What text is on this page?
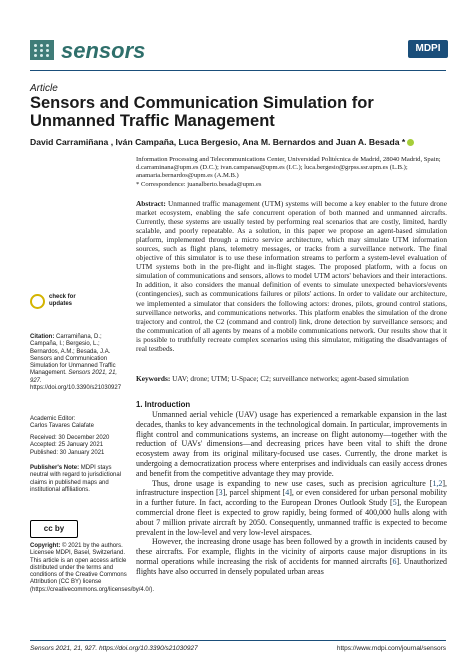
sensors	MDPI
Article
Sensors and Communication Simulation for Unmanned Traffic Management
David Carramiñana , Iván Campaña, Luca Bergesio, Ana M. Bernardos and Juan A. Besada *
Information Processing and Telecommunications Center, Universidad Politécnica de Madrid, 28040 Madrid, Spain; d.carraminana@upm.es (D.C.); ivan.campanaa@upm.es (I.C.); luca.bergesio@grpss.ssr.upm.es (L.B.); anamaria.bernardos@upm.es (A.M.B.)
* Correspondence: juanalberto.besada@upm.es
Abstract: Unmanned traffic management (UTM) systems will become a key enabler to the future drone market ecosystem, enabling the safe concurrent operation of both manned and unmanned aircrafts. Currently, these systems are usually tested by performing real scenarios that are costly, limited, hardly scalable, and poorly repeatable. As a solution, in this paper we propose an agent-based simulation platform, implemented through a micro service architecture, which may simulate UTM information sources, such as flight plans, telemetry messages, or tracks from a surveillance network. The final objective of this simulator is to use these information streams to perform a system-level evaluation of UTM systems both in the pre-flight and in-flight stages. The proposed platform, with a focus on simulation of communications and sensors, allows to model UTM actors' behaviors and their interactions. In addition, it also considers the manual definition of events to simulate unexpected behaviors/events (contingencies), such as communications failures or pilots' actions. In order to validate our architecture, we implemented a simulator that considers the following actors: drones, pilots, ground control stations, surveillance networks, and communications networks. This platform enables the simulation of the drone trajectory and control, the C2 (command and control) link, drone detection by surveillance sensors; and the communication of all agents by means of a mobile communications network. Our results show that it is possible to truthfully recreate complex scenarios using this simulator, mitigating the disadvantages of real testbeds.
Keywords: UAV; drone; UTM; U-Space; C2; surveillance networks; agent-based simulation
check for updates
Citation: Carramiñana, D.; Campaña, I.; Bergesio, L.; Bernardos, A.M.; Besada, J.A. Sensors and Communication Simulation for Unmanned Traffic Management. Sensors 2021, 21, 927. https://doi.org/10.3390/s21030927
Academic Editor:
Carlos Tavares Calafate
Received: 30 December 2020
Accepted: 25 January 2021
Published: 30 January 2021
Publisher's Note: MDPI stays neutral with regard to jurisdictional claims in published maps and institutional affiliations.
cc by
Copyright: © 2021 by the authors. Licensee MDPI, Basel, Switzerland. This article is an open access article distributed under the terms and conditions of the Creative Commons Attribution (CC BY) license (https://creativecommons.org/licenses/by/4.0/).
1. Introduction

Unmanned aerial vehicle (UAV) usage has experienced a remarkable expansion in the last decades, thanks to key advancements in the technological domain. In particular, improvements in flight control and communications systems, an increase on flight autonomy—together with the reduction of UAVs' dimensions—and decreasing prices have been vital to shift the drone ecosystem away from its original military-focused use cases. Currently, the drone market is undergoing a democratization process where enterprises and individuals can easily access drones and benefit from the competitive advantage they may provide.

Thus, drone usage is expanding to new use cases, such as precision agriculture [1,2], infrastructure inspection [3], parcel shipment [4], or even considered for urban personal mobility in a further future. In fact, according to the European Drones Outlook Study [5], the European commercial drone fleet is expected to grow rapidly, being formed of 400,000 hulls along with about 7 million private aircraft by 2050. Consequently, unmanned traffic is expected to become prevalent in the low-level and very low-level airspaces.

However, the increasing drone usage has been followed by a growth in incidents caused by these aircrafts. For example, flights in the vicinity of airports cause major disruptions in its normal operations while increasing the risk of accidents for manned aircrafts [6]. Unauthorized flights have also occurred in densely populated urban areas

Sensors 2021, 21, 927. https://doi.org/10.3390/s21030927	https://www.mdpi.com/journal/sensors
